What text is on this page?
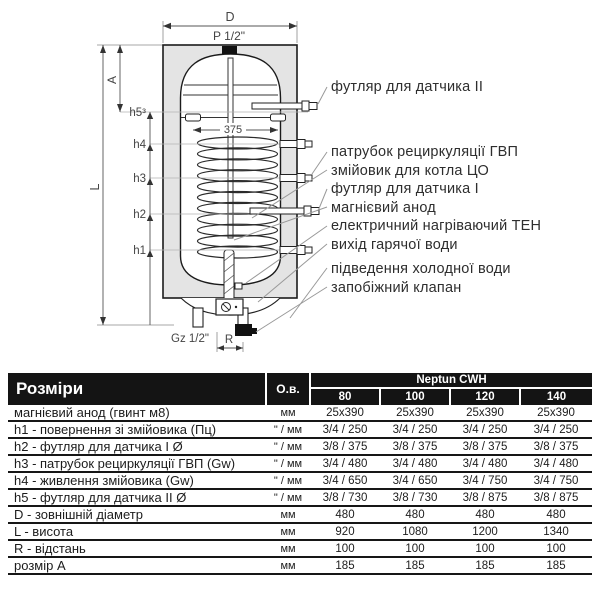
D
P 1/2"
A
L
h5³
h4
h3
h2
h1
375
Gz 1/2" R
футляр для датчика II
патрубок рециркуляції ГВП
змійовик для котла ЦО
футляр для датчика I
магнієвий анод
електричний нагріваючий ТЕН
вихід гарячої води
підведення холодної води
запобіжний клапан
Розміри	О.в.	Neptun CWH			
		80	100	120	140
магнієвий анод (гвинт м8)	мм	25x390	25x390	25x390	25x390
h1 - повернення зі змійовика (Пц)	" / мм	3/4 / 250	3/4 / 250	3/4 / 250	3/4 / 250
h2 - футляр для датчика I Ø	" / мм	3/8 / 375	3/8 / 375	3/8 / 375	3/8 / 375
h3 - патрубок рециркуляції ГВП (Gw)	" / мм	3/4 / 480	3/4 / 480	3/4 / 480	3/4 / 480
h4 - живлення змійовика (Gw)	" / мм	3/4 / 650	3/4 / 650	3/4 / 750	3/4 / 750
h5 - футляр для датчика II Ø	" / мм	3/8 / 730	3/8 / 730	3/8 / 875	3/8 / 875
D - зовнішній діаметр	мм	480	480	480	480
L - висота	мм	920	1080	1200	1340
R - відстань	мм	100	100	100	100
розмір A	мм	185	185	185	185
